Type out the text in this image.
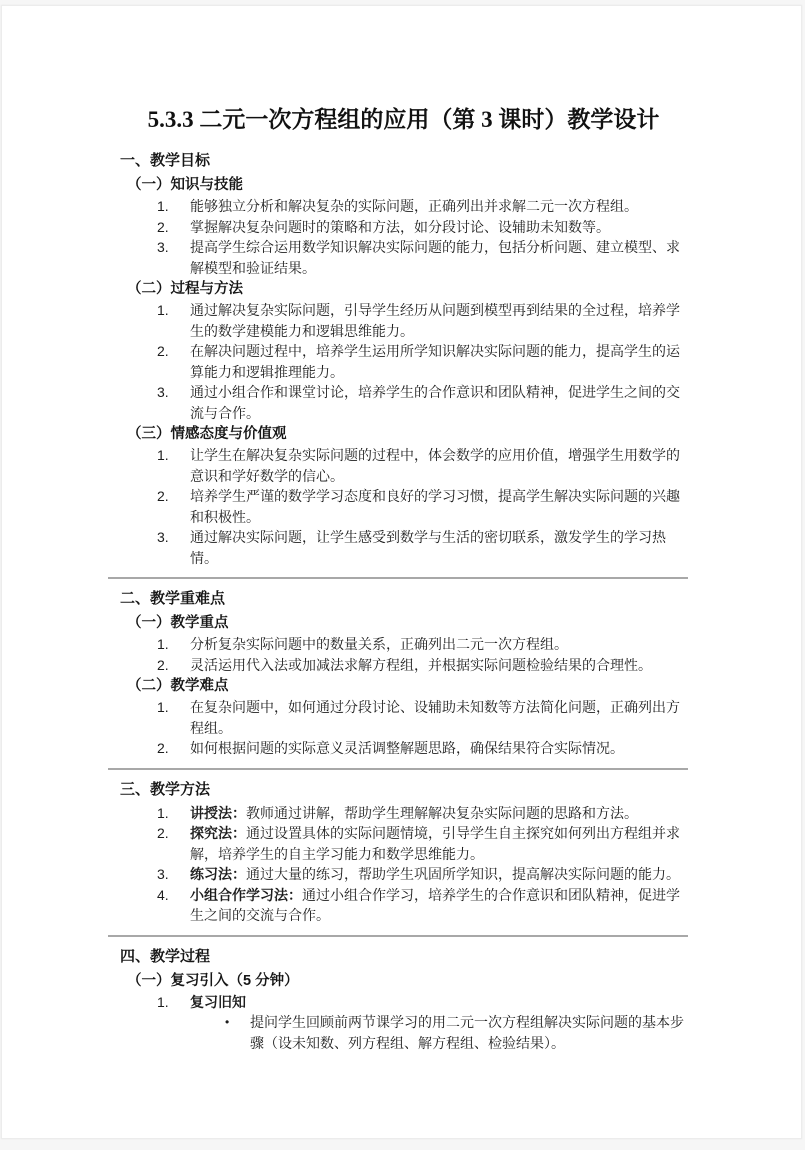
5.3.3 二元一次方程组的应用（第 3 课时）教学设计
一、教学目标
（一）知识与技能
1.	能够独立分析和解决复杂的实际问题，正确列出并求解二元一次方程组。
2.	掌握解决复杂问题时的策略和方法，如分段讨论、设辅助未知数等。
3.	提高学生综合运用数学知识解决实际问题的能力，包括分析问题、建立模型、求解模型和验证结果。
（二）过程与方法
1.	通过解决复杂实际问题，引导学生经历从问题到模型再到结果的全过程，培养学生的数学建模能力和逻辑思维能力。
2.	在解决问题过程中，培养学生运用所学知识解决实际问题的能力，提高学生的运算能力和逻辑推理能力。
3.	通过小组合作和课堂讨论，培养学生的合作意识和团队精神，促进学生之间的交流与合作。
（三）情感态度与价值观
1.	让学生在解决复杂实际问题的过程中，体会数学的应用价值，增强学生用数学的意识和学好数学的信心。
2.	培养学生严谨的数学学习态度和良好的学习习惯，提高学生解决实际问题的兴趣和积极性。
3.	通过解决实际问题，让学生感受到数学与生活的密切联系，激发学生的学习热情。
二、教学重难点
（一）教学重点
1.	分析复杂实际问题中的数量关系，正确列出二元一次方程组。
2.	灵活运用代入法或加减法求解方程组，并根据实际问题检验结果的合理性。
（二）教学难点
1.	在复杂问题中，如何通过分段讨论、设辅助未知数等方法简化问题，正确列出方程组。
2.	如何根据问题的实际意义灵活调整解题思路，确保结果符合实际情况。
三、教学方法
1.	讲授法：教师通过讲解，帮助学生理解解决复杂实际问题的思路和方法。
2.	探究法：通过设置具体的实际问题情境，引导学生自主探究如何列出方程组并求解，培养学生的自主学习能力和数学思维能力。
3.	练习法：通过大量的练习，帮助学生巩固所学知识，提高解决实际问题的能力。
4.	小组合作学习法：通过小组合作学习，培养学生的合作意识和团队精神，促进学生之间的交流与合作。
四、教学过程
（一）复习引入（5 分钟）
1.	复习旧知
•	提问学生回顾前两节课学习的用二元一次方程组解决实际问题的基本步骤（设未知数、列方程组、解方程组、检验结果）。
